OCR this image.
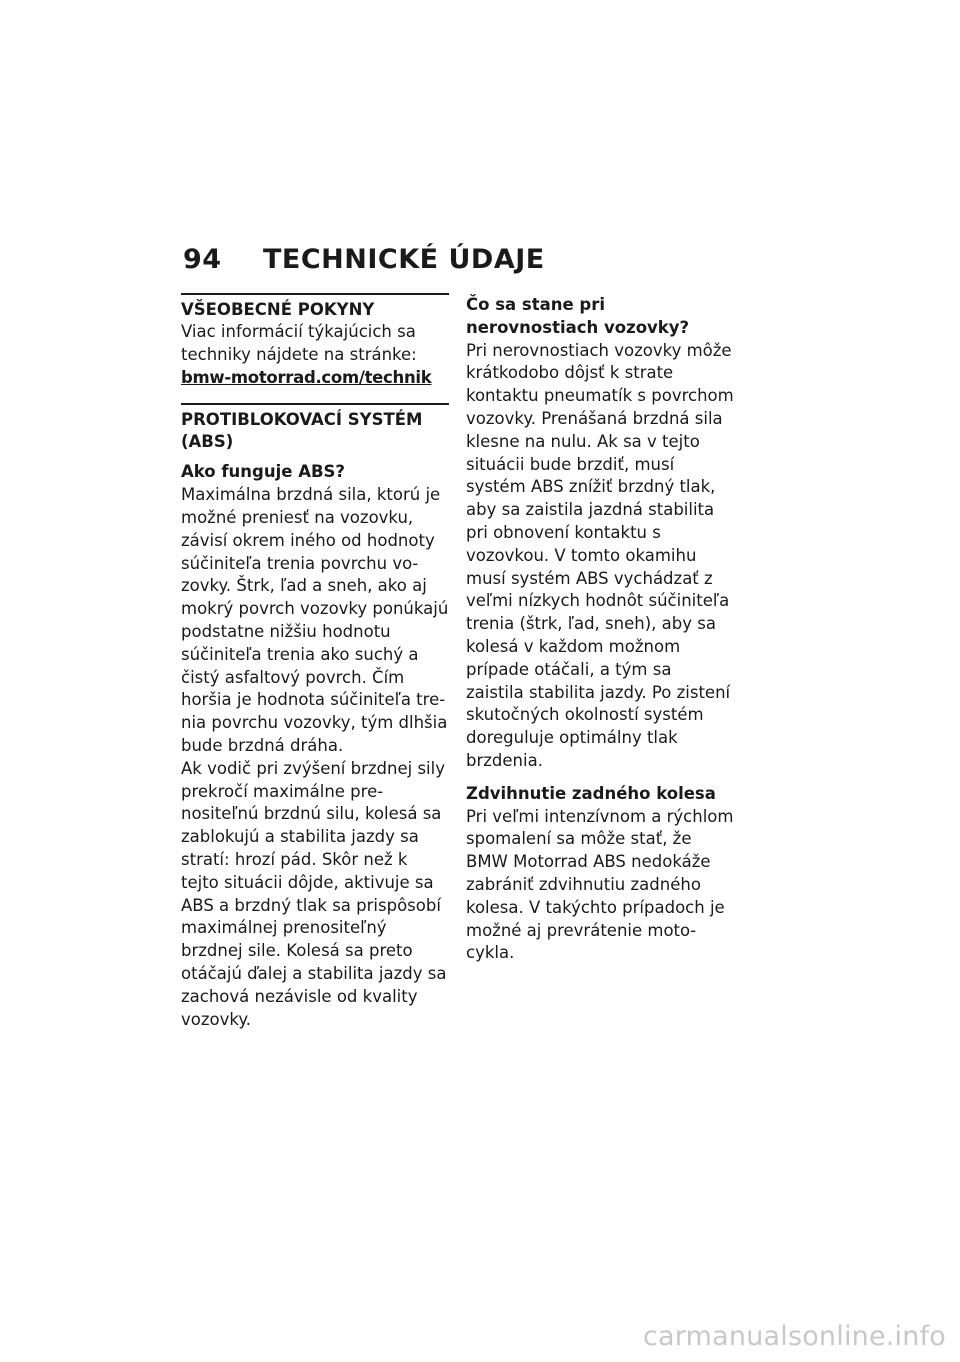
94 TECHNICKÉ ÚDAJE
VŠEOBECNÉ POKYNY

Viac informácií týkajúcich sa techniky nájdete na stránke:

bmw-motorrad.com/technik
PROTIBLOKOVACÍ SYSTÉM (ABS)
Ako funguje ABS?

Maximálna brzdná sila, ktorú je možné preniesť na vozovku, závisí okrem iného od hodnoty súčiniteľa trenia povrchu vozovky. Štrk, ľad a sneh, ako aj mokrý povrch vozovky ponúkajú podstatne nižšiu hodnotu súčiniteľa trenia ako suchý a čistý asfaltový povrch. Čím horšia je hodnota súčiniteľa trenia povrchu vozovky, tým dlhšia bude brzdná dráha.

Ak vodič pri zvýšení brzdnej sily prekročí maximálne prenositeľnú brzdnú silu, kolesá sa zablokujú a stabilita jazdy sa stratí: hrozí pád. Skôr než k tejto situácii dôjde, aktivuje sa ABS a brzdný tlak sa prispôsobí maximálnej prenositeľný brzdnej sile. Kolesá sa preto otáčajú ďalej a stabilita jazdy sa zachová nezávisle od kvality vozovky.

Čo sa stane pri nerovnostiach vozovky?

Pri nerovnostiach vozovky môže krátkodobo dôjsť k strate kontaktu pneumatík s povrchom vozovky. Prenášaná brzdná sila klesne na nulu. Ak sa v tejto situácii bude brzdiť, musí systém ABS znížiť brzdný tlak, aby sa zaistila jazdná stabilita pri obnovení kontaktu s vozovkou. V tomto okamihu musí systém ABS vychádzať z veľmi nízkych hodnôt súčiniteľa trenia (štrk, ľad, sneh), aby sa kolesá v každom možnom prípade otáčali, a tým sa zaistila stabilita jazdy. Po zistení skutočných okolností systém doreguluje optimálny tlak brzdenia.

Zdvihnutie zadného kolesa

Pri veľmi intenzívnom a rýchlom spomalení sa môže stať, že BMW Motorrad ABS nedokáže zabrániť zdvihnutiu zadného kolesa. V takýchto prípadoch je možné aj prevrátenie motocykla.

carmanualsonline.info
